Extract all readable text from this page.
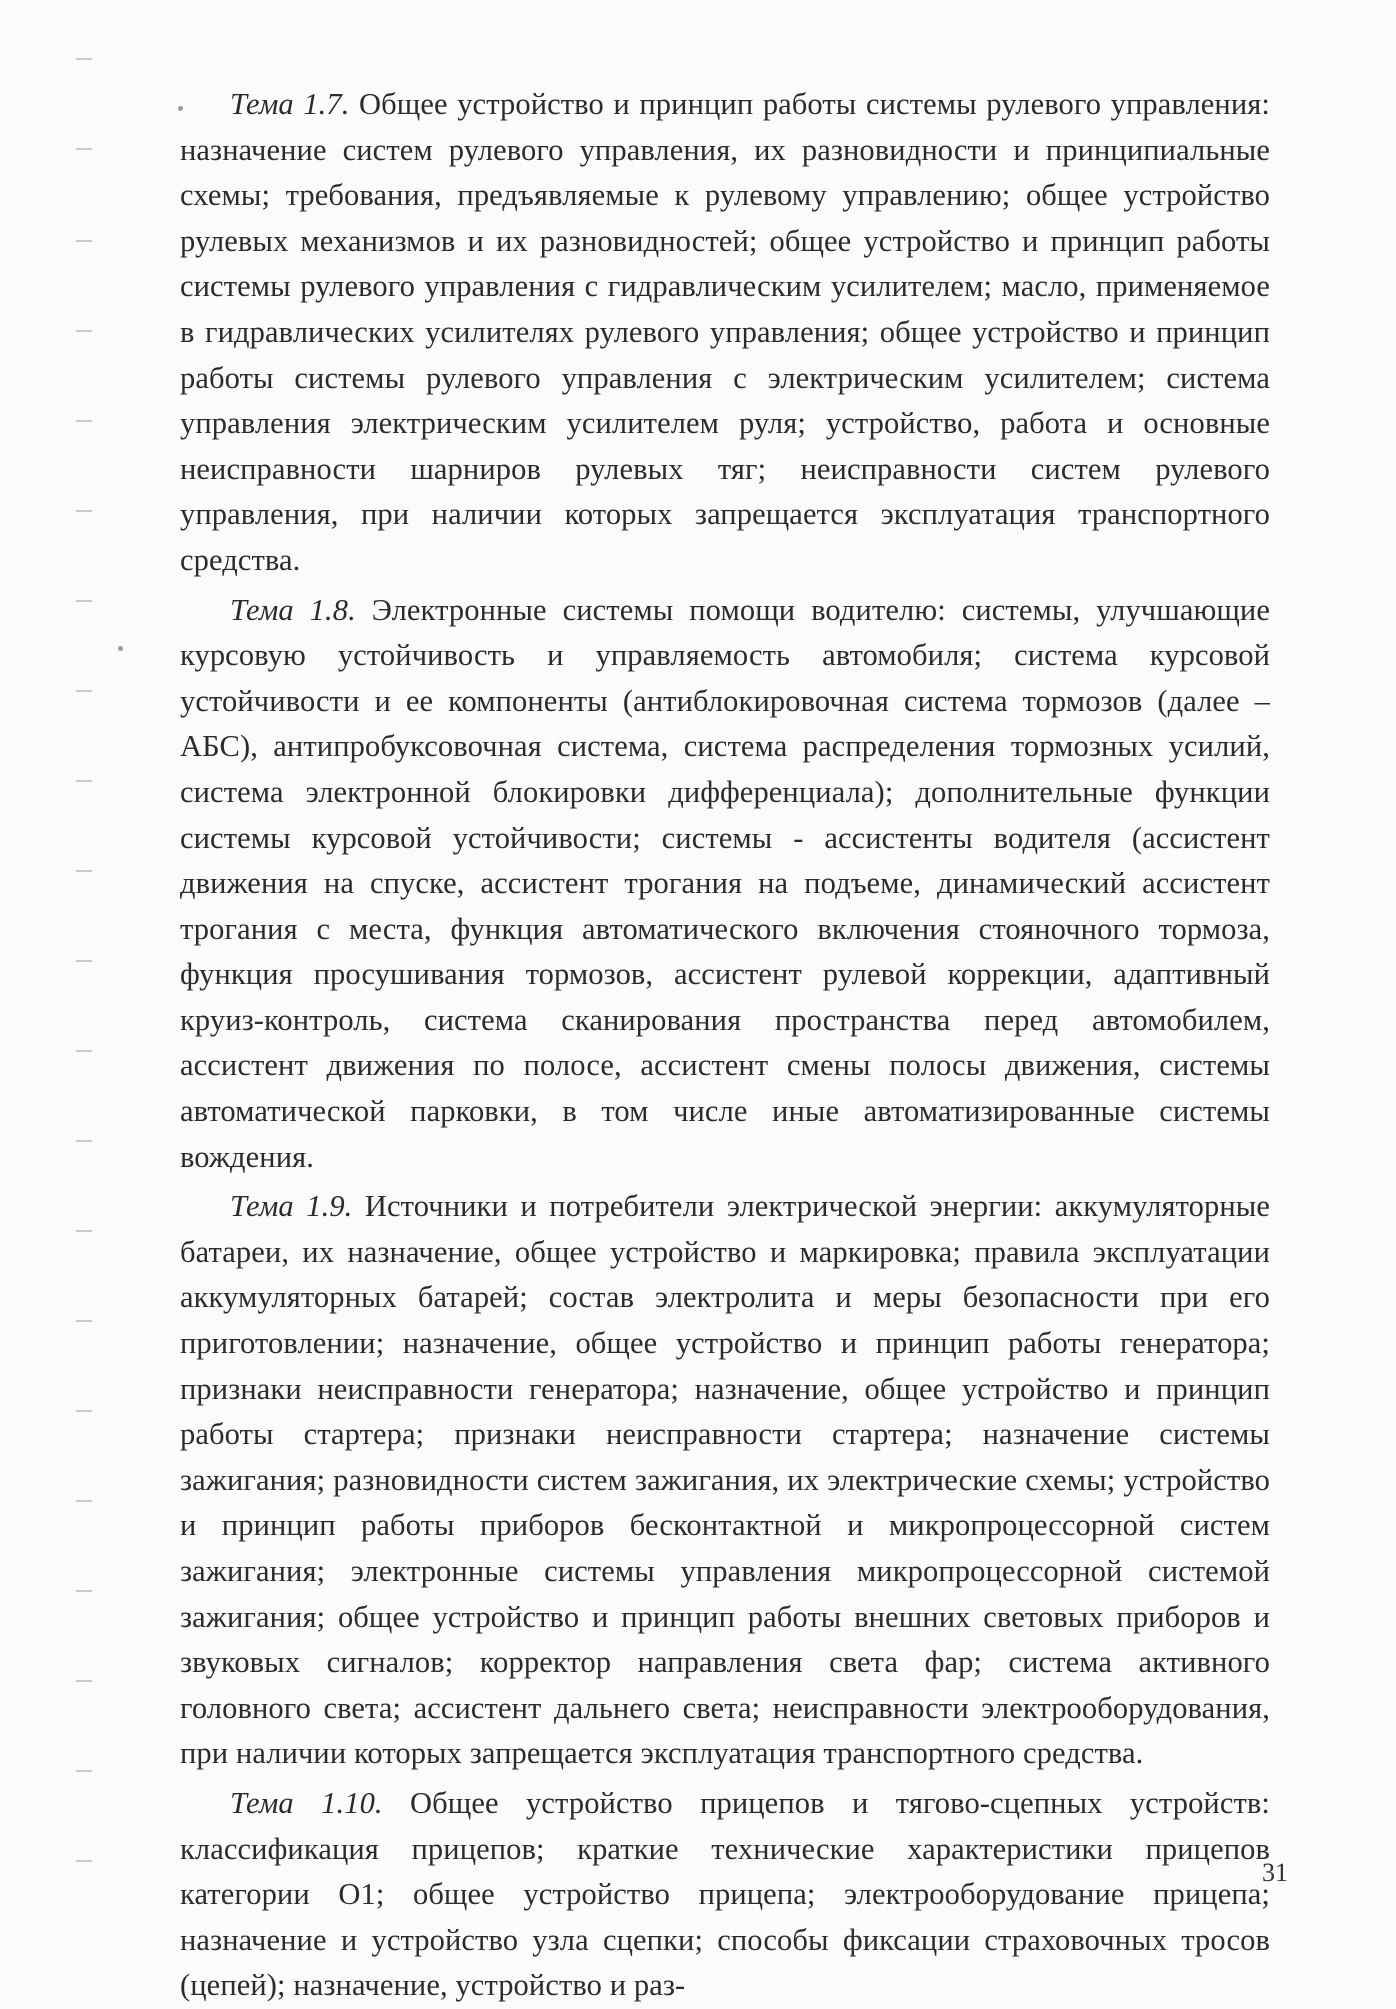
Тема 1.7. Общее устройство и принцип работы системы рулевого управления: назначение систем рулевого управления, их разновидности и принципиальные схемы; требования, предъявляемые к рулевому управлению; общее устройство рулевых механизмов и их разновидностей; общее устройство и принцип работы системы рулевого управления с гидравлическим усилителем; масло, применяемое в гидравлических усилителях рулевого управления; общее устройство и принцип работы системы рулевого управления с электрическим усилителем; система управления электрическим усилителем руля; устройство, работа и основные неисправности шарниров рулевых тяг; неисправности систем рулевого управления, при наличии которых запрещается эксплуатация транспортного средства.

Тема 1.8. Электронные системы помощи водителю: системы, улучшающие курсовую устойчивость и управляемость автомобиля; система курсовой устойчивости и ее компоненты (антиблокировочная система тормозов (далее – АБС), антипробуксовочная система, система распределения тормозных усилий, система электронной блокировки дифференциала); дополнительные функции системы курсовой устойчивости; системы - ассистенты водителя (ассистент движения на спуске, ассистент трогания на подъеме, динамический ассистент трогания с места, функция автоматического включения стояночного тормоза, функция просушивания тормозов, ассистент рулевой коррекции, адаптивный круиз-контроль, система сканирования пространства перед автомобилем, ассистент движения по полосе, ассистент смены полосы движения, системы автоматической парковки, в том числе иные автоматизированные системы вождения.

Тема 1.9. Источники и потребители электрической энергии: аккумуляторные батареи, их назначение, общее устройство и маркировка; правила эксплуатации аккумуляторных батарей; состав электролита и меры безопасности при его приготовлении; назначение, общее устройство и принцип работы генератора; признаки неисправности генератора; назначение, общее устройство и принцип работы стартера; признаки неисправности стартера; назначение системы зажигания; разновидности систем зажигания, их электрические схемы; устройство и принцип работы приборов бесконтактной и микропроцессорной систем зажигания; электронные системы управления микропроцессорной системой зажигания; общее устройство и принцип работы внешних световых приборов и звуковых сигналов; корректор направления света фар; система активного головного света; ассистент дальнего света; неисправности электрооборудования, при наличии которых запрещается эксплуатация транспортного средства.

Тема 1.10. Общее устройство прицепов и тягово-сцепных устройств: классификация прицепов; краткие технические характеристики прицепов категории О1; общее устройство прицепа; электрооборудование прицепа; назначение и устройство узла сцепки; способы фиксации страховочных тросов (цепей); назначение, устройство и раз-

31
